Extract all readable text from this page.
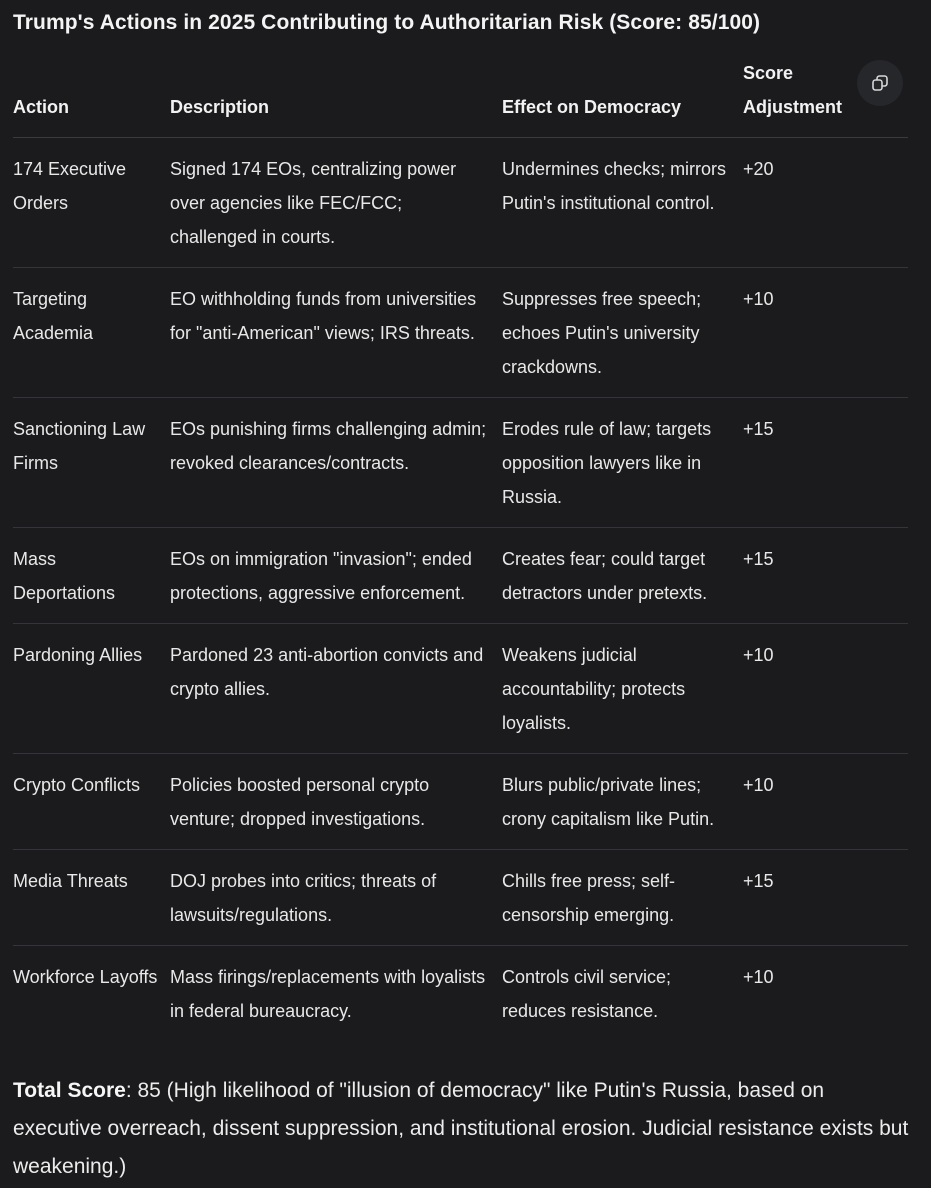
Trump's Actions in 2025 Contributing to Authoritarian Risk (Score: 85/100)
Action	Description	Effect on Democracy	Score
Adjustment
174 Executive Orders	Signed 174 EOs, centralizing power over agencies like FEC/FCC; challenged in courts.	Undermines checks; mirrors Putin's institutional control.	+20
Targeting Academia	EO withholding funds from universities for "anti-American" views; IRS threats.	Suppresses free speech; echoes Putin's university crackdowns.	+10
Sanctioning Law Firms	EOs punishing firms challenging admin; revoked clearances/contracts.	Erodes rule of law; targets opposition lawyers like in Russia.	+15
Mass Deportations	EOs on immigration "invasion"; ended protections, aggressive enforcement.	Creates fear; could target detractors under pretexts.	+15
Pardoning Allies	Pardoned 23 anti-abortion convicts and crypto allies.	Weakens judicial accountability; protects loyalists.	+10
Crypto Conflicts	Policies boosted personal crypto venture; dropped investigations.	Blurs public/private lines; crony capitalism like Putin.	+10
Media Threats	DOJ probes into critics; threats of lawsuits/regulations.	Chills free press; self-censorship emerging.	+15
Workforce Layoffs	Mass firings/replacements with loyalists in federal bureaucracy.	Controls civil service; reduces resistance.	+10
Total Score: 85 (High likelihood of "illusion of democracy" like Putin's Russia, based on executive overreach, dissent suppression, and institutional erosion. Judicial resistance exists but weakening.)
